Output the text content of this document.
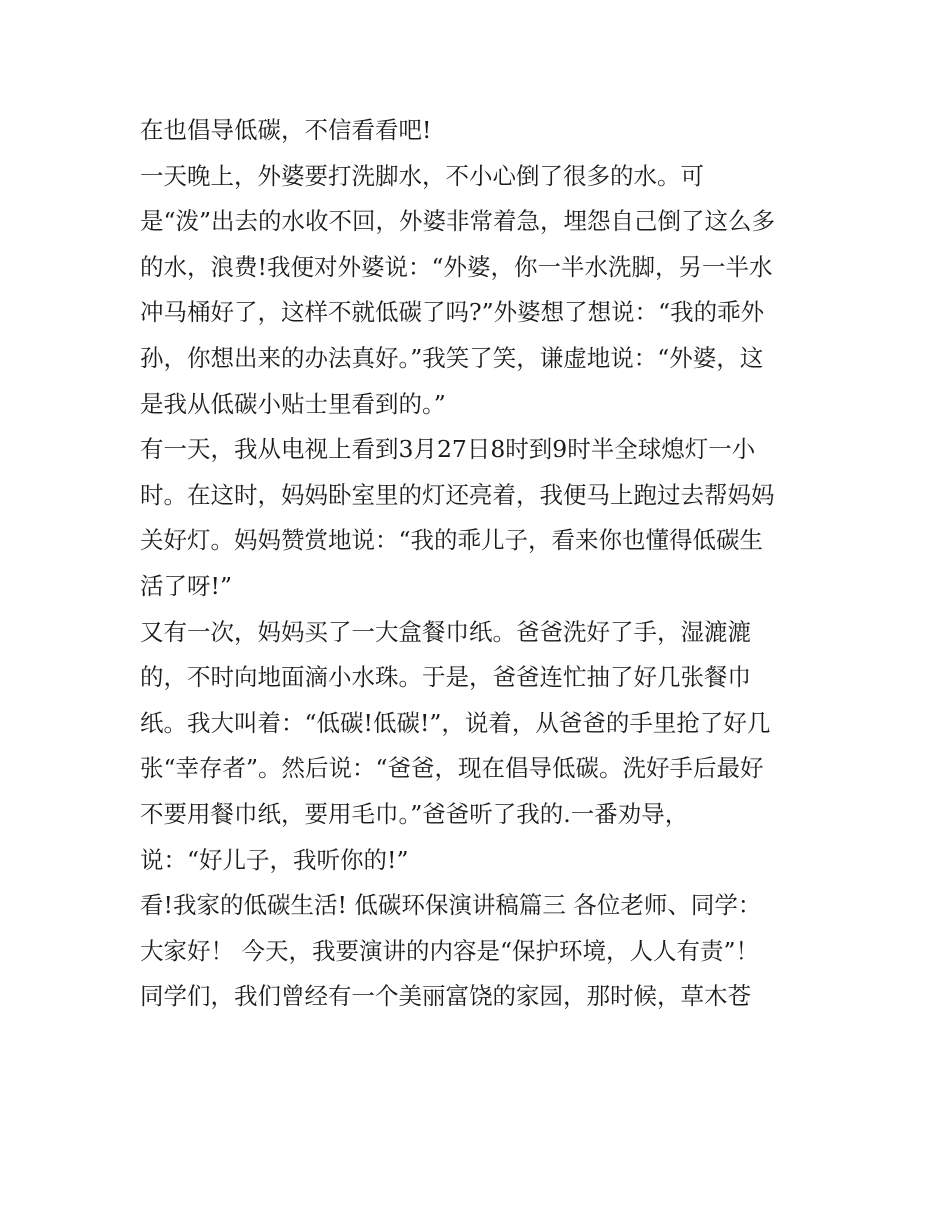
在也倡导低碳，不信看看吧!
一天晚上，外婆要打洗脚水，不小心倒了很多的水。可
是“泼”出去的水收不回，外婆非常着急，埋怨自己倒了这么多
的水，浪费!我便对外婆说：“外婆，你一半水洗脚，另一半水
冲马桶好了，这样不就低碳了吗?”外婆想了想说：“我的乖外
孙，你想出来的办法真好。”我笑了笑，谦虚地说：“外婆，这
是我从低碳小贴士里看到的。”
有一天，我从电视上看到3月27日8时到9时半全球熄灯一小
时。在这时，妈妈卧室里的灯还亮着，我便马上跑过去帮妈妈
关好灯。妈妈赞赏地说：“我的乖儿子，看来你也懂得低碳生
活了呀!”
又有一次，妈妈买了一大盒餐巾纸。爸爸洗好了手，湿漉漉
的，不时向地面滴小水珠。于是，爸爸连忙抽了好几张餐巾
纸。我大叫着：“低碳!低碳!”，说着，从爸爸的手里抢了好几
张“幸存者”。然后说：“爸爸，现在倡导低碳。洗好手后最好
不要用餐巾纸，要用毛巾。”爸爸听了我的.一番劝导，
说：“好儿子，我听你的!”
看!我家的低碳生活! 低碳环保演讲稿篇三 各位老师、同学：
大家好！ 今天，我要演讲的内容是“保护环境，人人有责”！
同学们，我们曾经有一个美丽富饶的家园，那时候，草木苍
